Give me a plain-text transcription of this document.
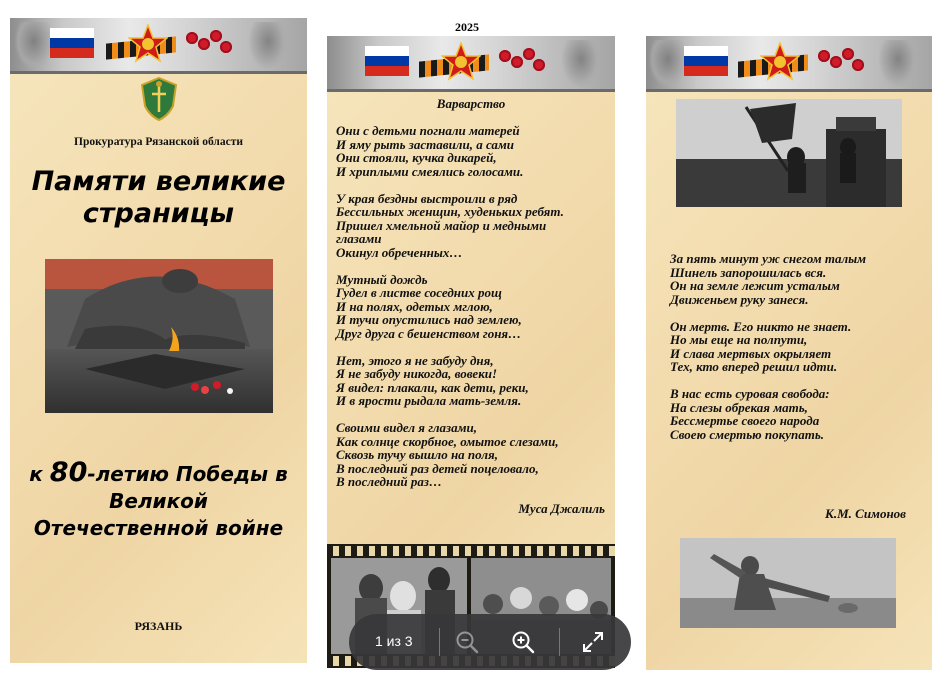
2025
Прокуратура Рязанской области
Памяти великие
страницы
к 80-летию Победы в
Великой
Отечественной войне
РЯЗАНЬ
Варварство
Они с детьми погнали матерей
И яму рыть заставили, а сами
Они стояли, кучка дикарей,
И хриплыми смеялись голосами.
У края бездны выстроили в ряд
Бессильных женщин, худеньких ребят.
Пришел хмельной майор и медными
глазами
Окинул обреченных…
Мутный дождь
Гудел в листве соседних рощ
И на полях, одетых мглою,
И тучи опустились над землею,
Друг друга с бешенством гоня…
Нет, этого я не забуду дня,
Я не забуду никогда, вовеки!
Я видел: плакали, как дети, реки,
И в ярости рыдала мать-земля.
Своими видел я глазами,
Как солнце скорбное, омытое слезами,
Сквозь тучу вышло на поля,
В последний раз детей поцеловало,
В последний раз…
Муса Джалиль
За пять минут уж снегом талым
Шинель запорошилась вся.
Он на земле лежит усталым
Движеньем руку занеся.
Он мертв. Его никто не знает.
Но мы еще на полпути,
И слава мертвых окрыляет
Тех, кто вперед решил идти.
В нас есть суровая свобода:
На слезы обрекая мать,
Бессмертье своего народа
Своею смертью покупать.
К.М. Симонов
1 из 3
